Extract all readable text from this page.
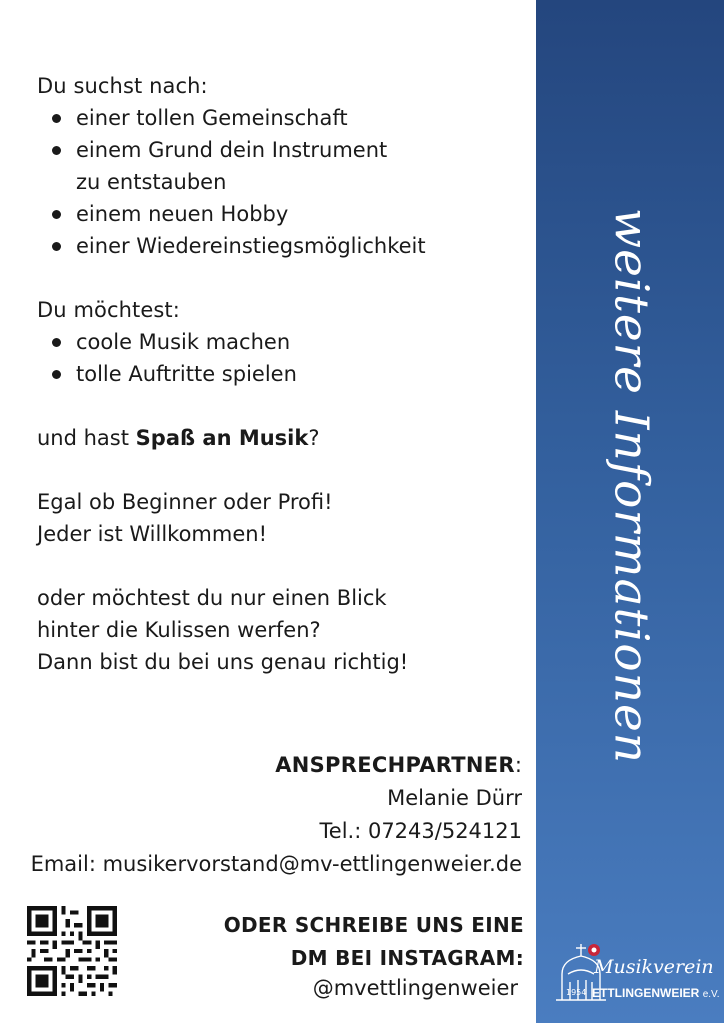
Du suchst nach:
einer tollen Gemeinschaft
einem Grund dein Instrument
zu entstauben
einem neuen Hobby
einer Wiedereinstiegsmöglichkeit
Du möchtest:
coole Musik machen
tolle Auftritte spielen
und hast Spaß an Musik?
Egal ob Beginner oder Profi!
Jeder ist Willkommen!
oder möchtest du nur einen Blick
hinter die Kulissen werfen?
Dann bist du bei uns genau richtig!
ANSPRECHPARTNER:
Melanie Dürr
Tel.: 07243/524121
Email: musikervorstand@mv-ettlingenweier.de
ODER SCHREIBE UNS EINE
DM BEI INSTAGRAM:
@mvettlingenweier
weitere Informationen
Musikverein
1954 ETTLINGENWEIER e.V.
